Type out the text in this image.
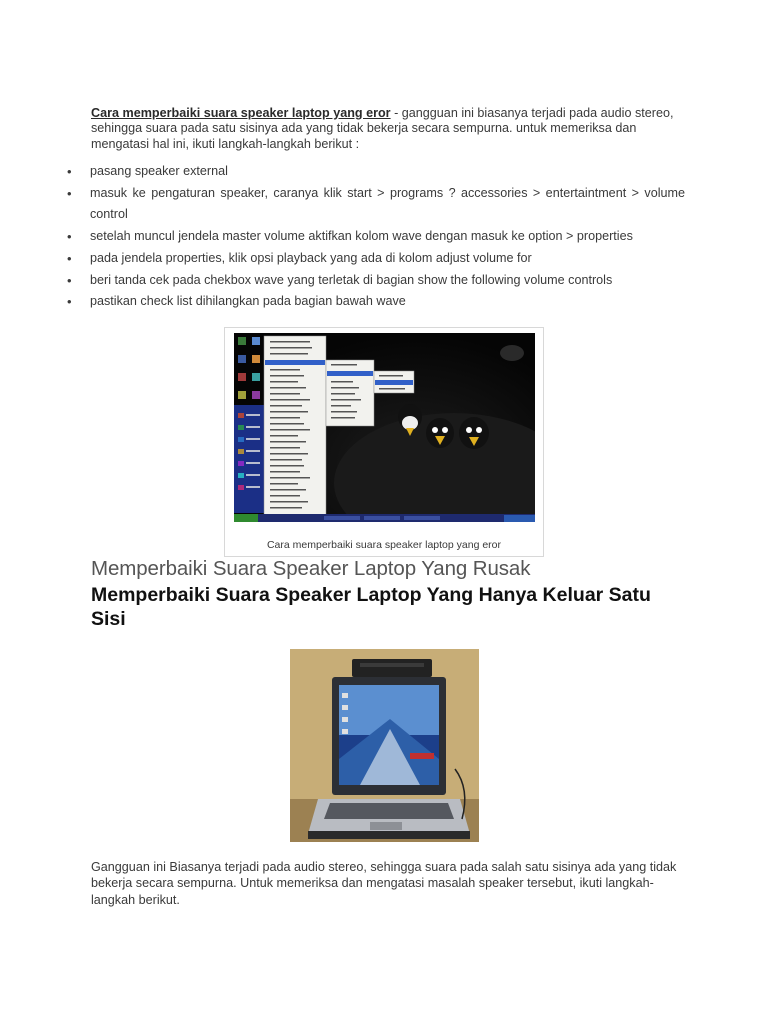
Cara memperbaiki suara speaker laptop yang eror - gangguan ini biasanya terjadi pada audio stereo, sehingga suara pada satu sisinya ada yang tidak bekerja secara sempurna. untuk memeriksa dan mengatasi hal ini, ikuti langkah-langkah berikut :

• pasang speaker external
• masuk ke pengaturan speaker, caranya klik start > programs ? accessories > entertaintment > volume control
• setelah muncul jendela master volume aktifkan kolom wave dengan masuk ke option > properties
• pada jendela properties, klik opsi playback yang ada di kolom adjust volume for
• beri tanda cek pada chekbox wave yang terletak di bagian show the following volume controls
• pastikan check list dihilangkan pada bagian bawah wave
Cara memperbaiki suara speaker laptop yang eror
Memperbaiki Suara Speaker Laptop Yang Rusak
Memperbaiki Suara Speaker Laptop Yang Hanya Keluar Satu Sisi

Gangguan ini Biasanya terjadi pada audio stereo, sehingga suara pada salah satu sisinya ada yang tidak bekerja secara sempurna. Untuk memeriksa dan mengatasi masalah speaker tersebut, ikuti langkah-langkah berikut.
